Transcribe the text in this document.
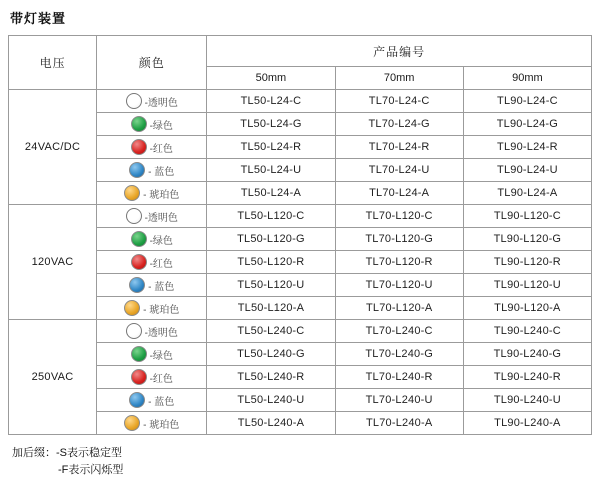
带灯装置
电压	颜色	产品编号		
		50mm	70mm	90mm
24VAC/DC	-透明色	TL50-L24-C	TL70-L24-C	TL90-L24-C

	-绿色	TL50-L24-G	TL70-L24-G	TL90-L24-G

	-红色	TL50-L24-R	TL70-L24-R	TL90-L24-R

	- 蓝色	TL50-L24-U	TL70-L24-U	TL90-L24-U

	- 琥珀色	TL50-L24-A	TL70-L24-A	TL90-L24-A
120VAC	-透明色	TL50-L120-C	TL70-L120-C	TL90-L120-C

	-绿色	TL50-L120-G	TL70-L120-G	TL90-L120-G

	-红色	TL50-L120-R	TL70-L120-R	TL90-L120-R

	- 蓝色	TL50-L120-U	TL70-L120-U	TL90-L120-U

	- 琥珀色	TL50-L120-A	TL70-L120-A	TL90-L120-A
250VAC	-透明色	TL50-L240-C	TL70-L240-C	TL90-L240-C

	-绿色	TL50-L240-G	TL70-L240-G	TL90-L240-G

	-红色	TL50-L240-R	TL70-L240-R	TL90-L240-R

	- 蓝色	TL50-L240-U	TL70-L240-U	TL90-L240-U

	- 琥珀色	TL50-L240-A	TL70-L240-A	TL90-L240-A
加后缀：-S表示稳定型
-F表示闪烁型
